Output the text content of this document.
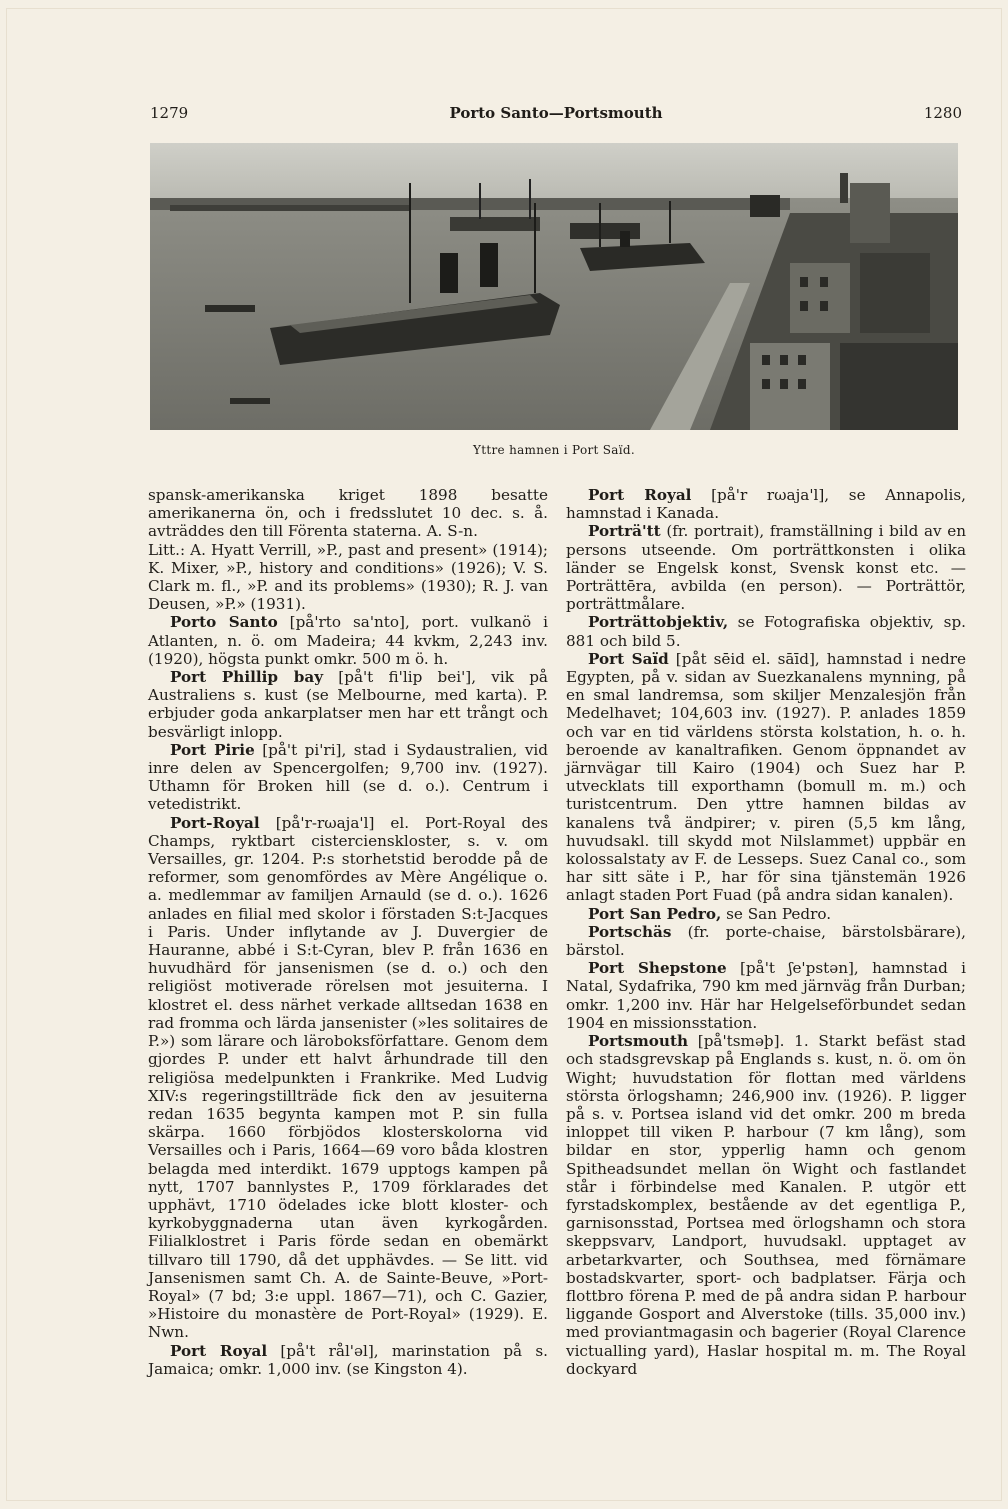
1279	Porto Santo—Portsmouth	1280
Yttre hamnen i Port Saïd.

spansk-amerikanska kriget 1898 besatte amerikanerna ön, och i fredsslutet 10 dec. s. å. avträddes den till Förenta staterna. A. S-n.

Litt.: A. Hyatt Verrill, »P., past and present» (1914); K. Mixer, »P., history and conditions» (1926); V. S. Clark m. fl., »P. and its problems» (1930); R. J. van Deusen, »P.» (1931).

Porto Santo [på'rto sa'nto], port. vulkanö i Atlanten, n. ö. om Madeira; 44 kvkm, 2,243 inv. (1920), högsta punkt omkr. 500 m ö. h.

Port Phillip bay [på't fi'lip bei'], vik på Australiens s. kust (se Melbourne, med karta). P. erbjuder goda ankarplatser men har ett trångt och besvärligt inlopp.

Port Pirie [på't pi'ri], stad i Sydaustralien, vid inre delen av Spencergolfen; 9,700 inv. (1927). Uthamn för Broken hill (se d. o.). Centrum i vetedistrikt.

Port-Royal [på'r-rωaja'l] el. Port-Royal des Champs, ryktbart cistercienskloster, s. v. om Versailles, gr. 1204. P:s storhetstid berodde på de reformer, som genomfördes av Mère Angélique o. a. medlemmar av familjen Arnauld (se d. o.). 1626 anlades en filial med skolor i förstaden S:t-Jacques i Paris. Under inflytande av J. Duvergier de Hauranne, abbé i S:t-Cyran, blev P. från 1636 en huvudhärd för jansenismen (se d. o.) och den religiöst motiverade rörelsen mot jesuiterna. I klostret el. dess närhet verkade alltsedan 1638 en rad fromma och lärda jansenister (»les solitaires de P.») som lärare och läroboksförfattare. Genom dem gjordes P. under ett halvt århundrade till den religiösa medelpunkten i Frankrike. Med Ludvig XIV:s regeringstillträde fick den av jesuiterna redan 1635 begynta kampen mot P. sin fulla skärpa. 1660 förbjödos klosterskolorna vid Versailles och i Paris, 1664—69 voro båda klostren belagda med interdikt. 1679 upptogs kampen på nytt, 1707 bannlystes P., 1709 förklarades det upphävt, 1710 ödelades icke blott kloster- och kyrkobyggnaderna utan även kyrkogården. Filialklostret i Paris förde sedan en obemärkt tillvaro till 1790, då det upphävdes. — Se litt. vid Jansenismen samt Ch. A. de Sainte-Beuve, »Port-Royal» (7 bd; 3:e uppl. 1867—71), och C. Gazier, »Histoire du monastère de Port-Royal» (1929). E. Nwn.

Port Royal [på't rål'əl], marinstation på s. Jamaica; omkr. 1,000 inv. (se Kingston 4).

Port Royal [på'r rωaja'l], se Annapolis, hamnstad i Kanada.

Porträ'tt (fr. portrait), framställning i bild av en persons utseende. Om porträttkonsten i olika länder se Engelsk konst, Svensk konst etc. — Porträttēra, avbilda (en person). — Porträttör, porträttmålare.

Porträttobjektiv, se Fotografiska objektiv, sp. 881 och bild 5.

Port Saïd [påt sēid el. sāīd], hamnstad i nedre Egypten, på v. sidan av Suezkanalens mynning, på en smal landremsa, som skiljer Menzalesjön från Medelhavet; 104,603 inv. (1927). P. anlades 1859 och var en tid världens största kolstation, h. o. h. beroende av kanaltrafiken. Genom öppnandet av järnvägar till Kairo (1904) och Suez har P. utvecklats till exporthamn (bomull m. m.) och turistcentrum. Den yttre hamnen bildas av kanalens två ändpirer; v. piren (5,5 km lång, huvudsakl. till skydd mot Nilslammet) uppbär en kolossalstaty av F. de Lesseps. Suez Canal co., som har sitt säte i P., har för sina tjänstemän 1926 anlagt staden Port Fuad (på andra sidan kanalen).

Port San Pedro, se San Pedro.

Portschäs (fr. porte-chaise, bärstolsbärare), bärstol.

Port Shepstone [på't ʃe'pstən], hamnstad i Natal, Sydafrika, 790 km med järnväg från Durban; omkr. 1,200 inv. Här har Helgelseförbundet sedan 1904 en missionsstation.

Portsmouth [på'tsməþ]. 1. Starkt befäst stad och stadsgrevskap på Englands s. kust, n. ö. om ön Wight; huvudstation för flottan med världens största örlogshamn; 246,900 inv. (1926). P. ligger på s. v. Portsea island vid det omkr. 200 m breda inloppet till viken P. harbour (7 km lång), som bildar en stor, ypperlig hamn och genom Spitheadsundet mellan ön Wight och fastlandet står i förbindelse med Kanalen. P. utgör ett fyrstadskomplex, bestående av det egentliga P., garnisonsstad, Portsea med örlogshamn och stora skeppsvarv, Landport, huvudsakl. upptaget av arbetarkvarter, och Southsea, med förnämare bostadskvarter, sport- och badplatser. Färja och flottbro förena P. med de på andra sidan P. harbour liggande Gosport and Alverstoke (tills. 35,000 inv.) med proviantmagasin och bagerier (Royal Clarence victualling yard), Haslar hospital m. m. The Royal dockyard
